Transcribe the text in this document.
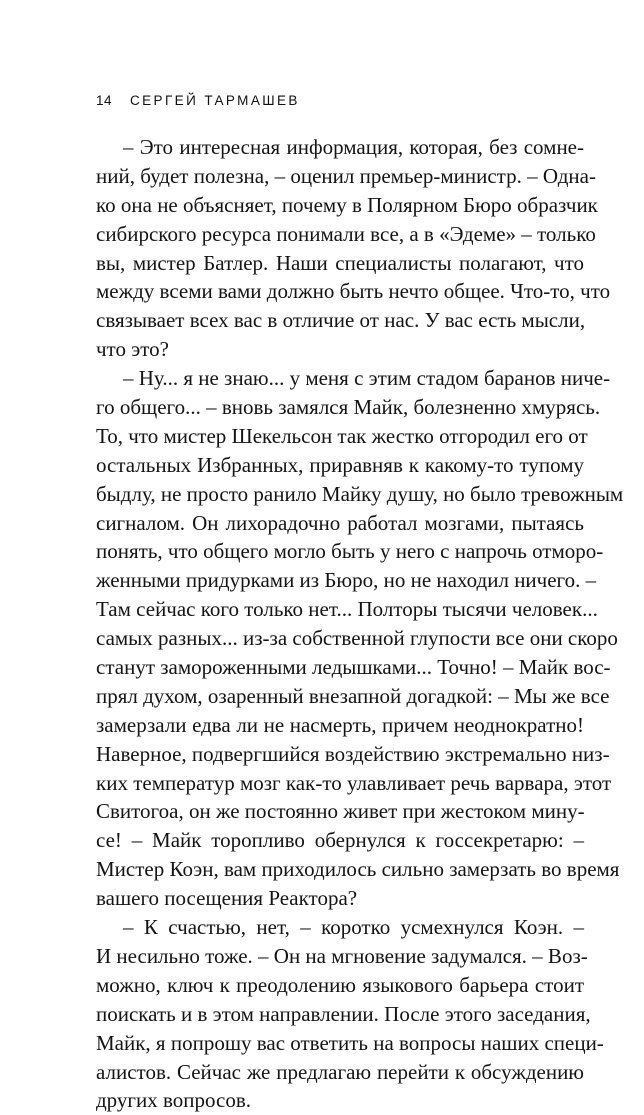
14 СЕРГЕЙ ТАРМАШЕВ
– Это интересная информация, которая, без сомне-
ний, будет полезна, – оценил премьер-министр. – Одна-
ко она не объясняет, почему в Полярном Бюро образчик
сибирского ресурса понимали все, а в «Эдеме» – только
вы, мистер Батлер. Наши специалисты полагают, что
между всеми вами должно быть нечто общее. Что-то, что
связывает всех вас в отличие от нас. У вас есть мысли,
что это?
– Ну... я не знаю... у меня с этим стадом баранов ниче-
го общего... – вновь замялся Майк, болезненно хмурясь.
То, что мистер Шекельсон так жестко отгородил его от
остальных Избранных, приравняв к какому-то тупому
быдлу, не просто ранило Майку душу, но было тревожным
сигналом. Он лихорадочно работал мозгами, пытаясь
понять, что общего могло быть у него с напрочь отморо-
женными придурками из Бюро, но не находил ничего. –
Там сейчас кого только нет... Полторы тысячи человек...
самых разных... из-за собственной глупости все они скоро
станут замороженными ледышками... Точно! – Майк вос-
прял духом, озаренный внезапной догадкой: – Мы же все
замерзали едва ли не насмерть, причем неоднократно!
Наверное, подвергшийся воздействию экстремально низ-
ких температур мозг как-то улавливает речь варвара, этот
Свитогоа, он же постоянно живет при жестоком мину-
се! – Майк торопливо обернулся к госсекретарю: –
Мистер Коэн, вам приходилось сильно замерзать во время
вашего посещения Реактора?
– К счастью, нет, – коротко усмехнулся Коэн. –
И несильно тоже. – Он на мгновение задумался. – Воз-
можно, ключ к преодолению языкового барьера стоит
поискать и в этом направлении. После этого заседания,
Майк, я попрошу вас ответить на вопросы наших специ-
алистов. Сейчас же предлагаю перейти к обсуждению
других вопросов.
